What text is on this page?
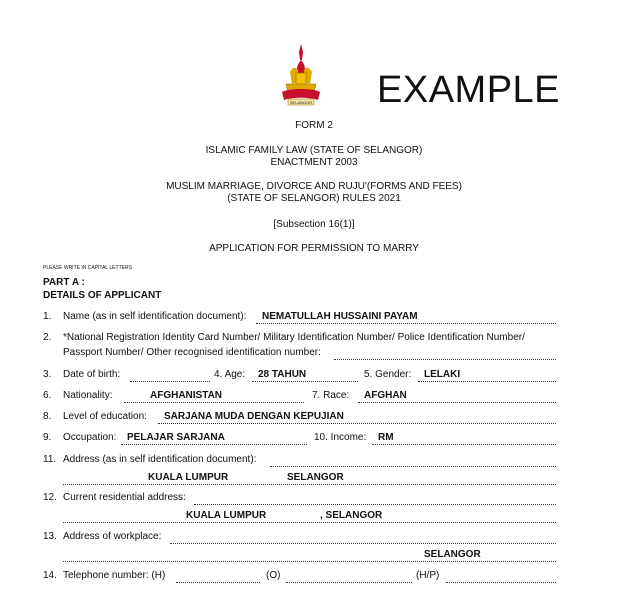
SELANGOR EXAMPLE
FORM 2
ISLAMIC FAMILY LAW (STATE OF SELANGOR)
ENACTMENT 2003
MUSLIM MARRIAGE, DIVORCE AND RUJU'(FORMS AND FEES)
(STATE OF SELANGOR) RULES 2021
[Subsection 16(1)]
APPLICATION FOR PERMISSION TO MARRY
PLEASE WRITE IN CAPITAL LETTERS
PART A :
DETAILS OF APPLICANT
1. Name (as in self identification document): NEMATULLAH HUSSAINI PAYAM
2. *National Registration Identity Card Number/ Military Identification Number/ Police Identification Number/
Passport Number/ Other recognised identification number:
3. Date of birth:	4. Age: 28 TAHUN	5. Gender: LELAKI
6. Nationality:	AFGHANISTAN	7. Race: AFGHAN
8. Level of education: SARJANA MUDA DENGAN KEPUJIAN
9. Occupation: PELAJAR SARJANA	10. Income: RM
11. Address (as in self identification document):
KUALA LUMPUR	SELANGOR
12. Current residential address:
KUALA LUMPUR	, SELANGOR
13. Address of workplace:
SELANGOR
14. Telephone number: (H)	(O)	(H/P)
